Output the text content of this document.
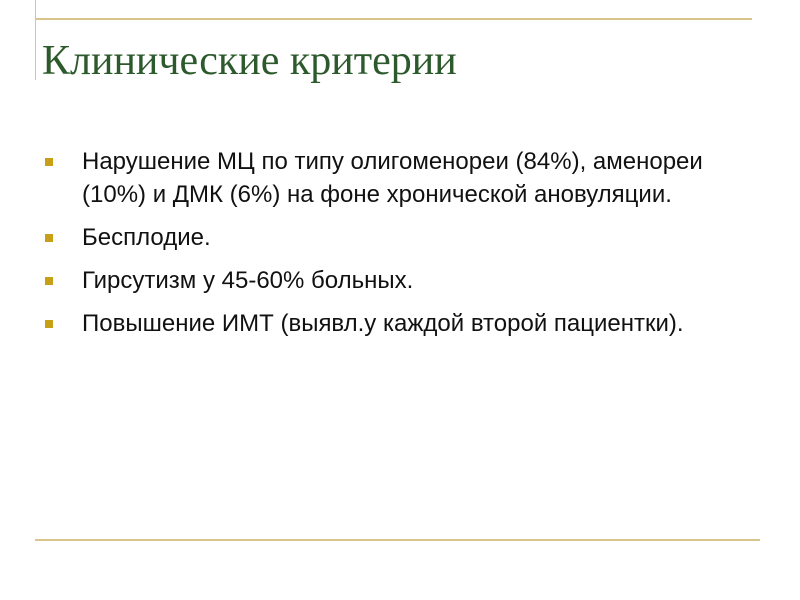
Клинические критерии
Нарушение МЦ по типу олигоменореи (84%), аменореи (10%) и ДМК (6%) на фоне хронической ановуляции.
Бесплодие.
Гирсутизм у 45-60% больных.
Повышение ИМТ (выявл.у каждой второй пациентки).
